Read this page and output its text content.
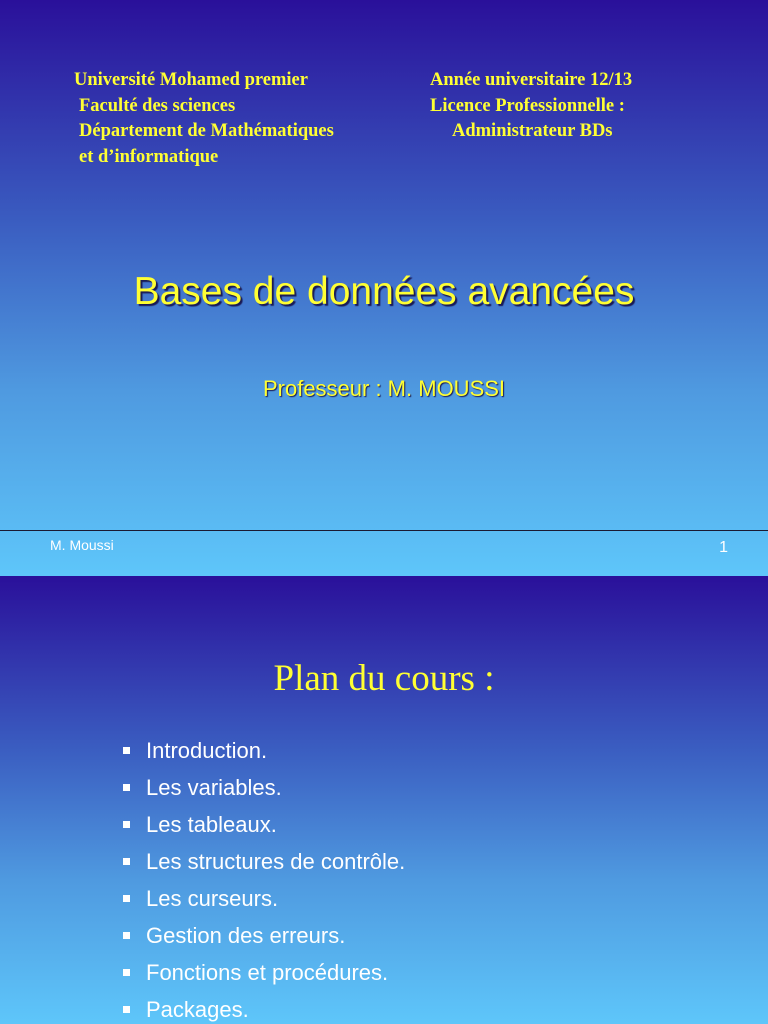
Université Mohamed premier
Faculté des sciences
Département de Mathématiques
et d’informatique
Année universitaire 12/13
Licence Professionnelle :
Administrateur BDs
Bases de données avancées
Professeur : M. MOUSSI
M. Moussi	1
Plan du cours :
Introduction.
Les variables.
Les tableaux.
Les structures de contrôle.
Les curseurs.
Gestion des erreurs.
Fonctions et procédures.
Packages.
